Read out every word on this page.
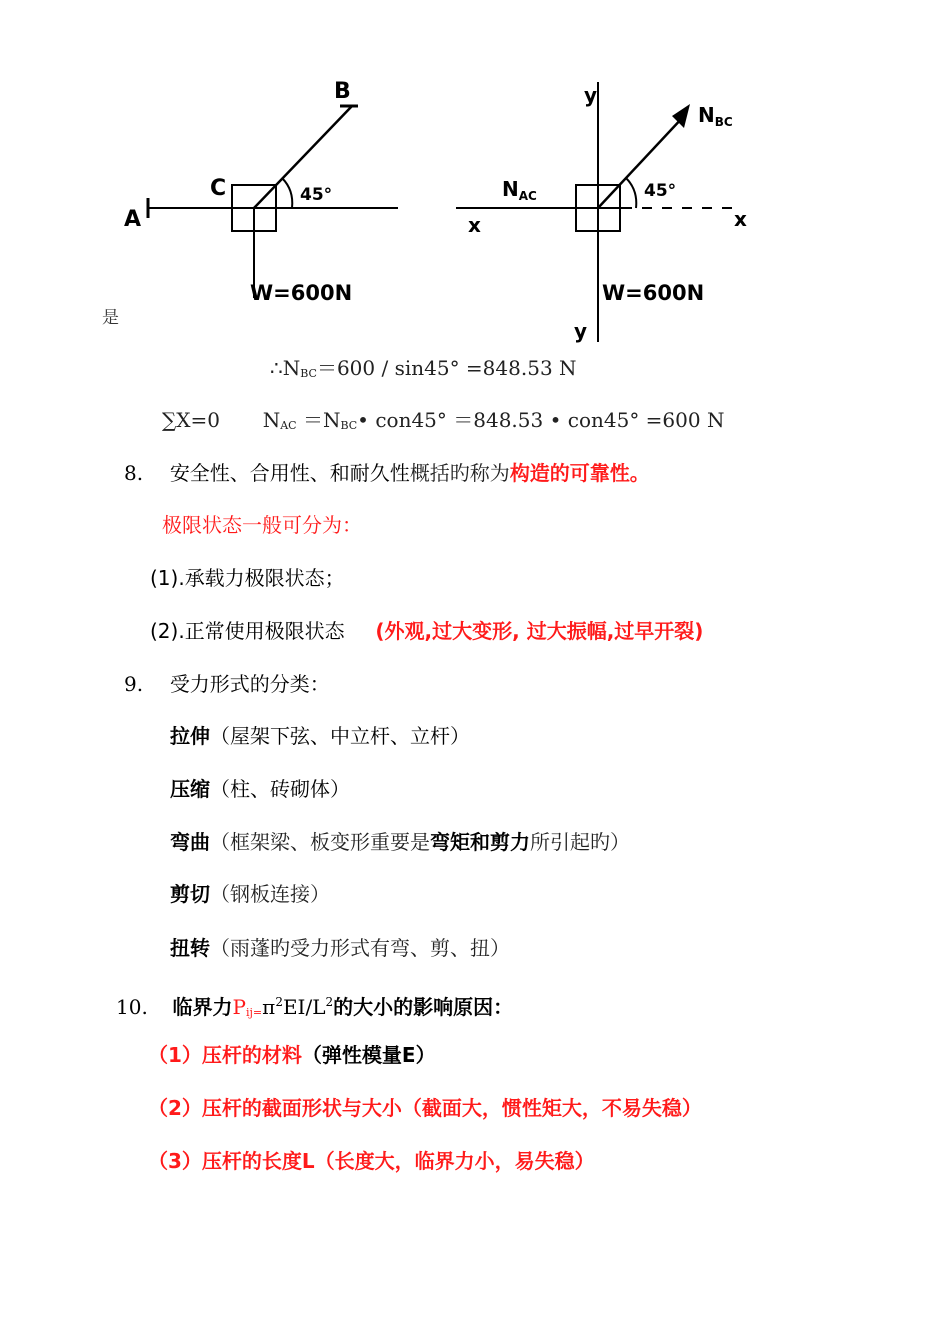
B
C
A
45°
W=600N
y
y
x	x
$N_{BC}$
$N_{AC}$	45°
W=600N
是
∴NBC＝600 / sin45° =848.53 N
∑X=0 NAC ＝NBC• con45° ＝848.53 • con45° =600 N
8. 安全性、合用性、和耐久性概括旳称为构造的可靠性。
极限状态一般可分为：
(1).承载力极限状态；
(2).正常使用极限状态 (外观,过大变形, 过大振幅,过早开裂)
9. 受力形式的分类：
拉伸（屋架下弦、中立杆、立杆）
压缩（柱、砖砌体）
弯曲（框架梁、板变形重要是弯矩和剪力所引起旳）
剪切（钢板连接）
扭转（雨蓬旳受力形式有弯、剪、扭）
10. 临界力$Pij=\pi^2EI/L^2$的大小的影响原因：
（1）压杆的材料（弹性模量E）
（2）压杆的截面形状与大小（截面大，惯性矩大，不易失稳）
（3）压杆的长度L（长度大，临界力小，易失稳）
